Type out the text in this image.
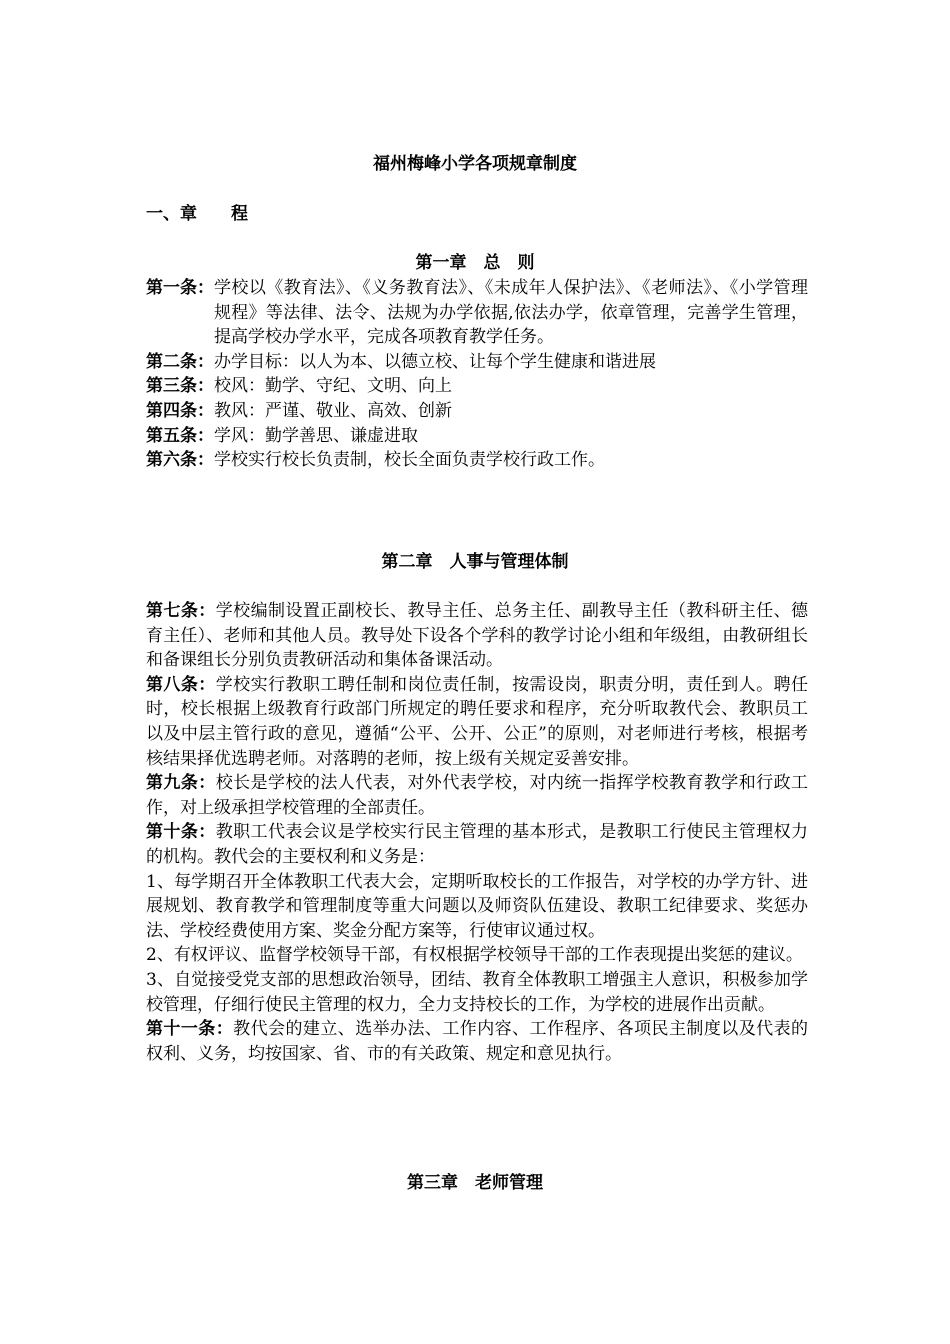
福州梅峰小学各项规章制度
一、章　　程
第一章　总　则
第一条： 学校以《教育法》、《义务教育法》、《未成年人保护法》、《老师法》、《小学管理规程》等法律、法令、法规为办学依据,依法办学，依章管理，完善学生管理，提高学校办学水平，完成各项教育教学任务。
第二条： 办学目标：以人为本、以德立校、让每个学生健康和谐进展
第三条： 校风：勤学、守纪、文明、向上
第四条： 教风：严谨、敬业、高效、创新
第五条： 学风：勤学善思、谦虚进取
第六条： 学校实行校长负责制，校长全面负责学校行政工作。
第二章　人事与管理体制

第七条：学校编制设置正副校长、教导主任、总务主任、副教导主任（教科研主任、德育主任）、老师和其他人员。教导处下设各个学科的教学讨论小组和年级组，由教研组长和备课组长分别负责教研活动和集体备课活动。

第八条：学校实行教职工聘任制和岗位责任制，按需设岗，职责分明，责任到人。聘任时，校长根据上级教育行政部门所规定的聘任要求和程序，充分听取教代会、教职员工以及中层主管行政的意见，遵循“公平、公开、公正”的原则，对老师进行考核，根据考核结果择优选聘老师。对落聘的老师，按上级有关规定妥善安排。

第九条：校长是学校的法人代表，对外代表学校，对内统一指挥学校教育教学和行政工作，对上级承担学校管理的全部责任。

第十条：教职工代表会议是学校实行民主管理的基本形式，是教职工行使民主管理权力的机构。教代会的主要权利和义务是：

1、每学期召开全体教职工代表大会，定期听取校长的工作报告，对学校的办学方针、进展规划、教育教学和管理制度等重大问题以及师资队伍建设、教职工纪律要求、奖惩办法、学校经费使用方案、奖金分配方案等，行使审议通过权。

2、有权评议、监督学校领导干部，有权根据学校领导干部的工作表现提出奖惩的建议。

3、自觉接受党支部的思想政治领导，团结、教育全体教职工增强主人意识，积极参加学校管理，仔细行使民主管理的权力，全力支持校长的工作，为学校的进展作出贡献。

第十一条：教代会的建立、选举办法、工作内容、工作程序、各项民主制度以及代表的权利、义务，均按国家、省、市的有关政策、规定和意见执行。

第三章　老师管理
